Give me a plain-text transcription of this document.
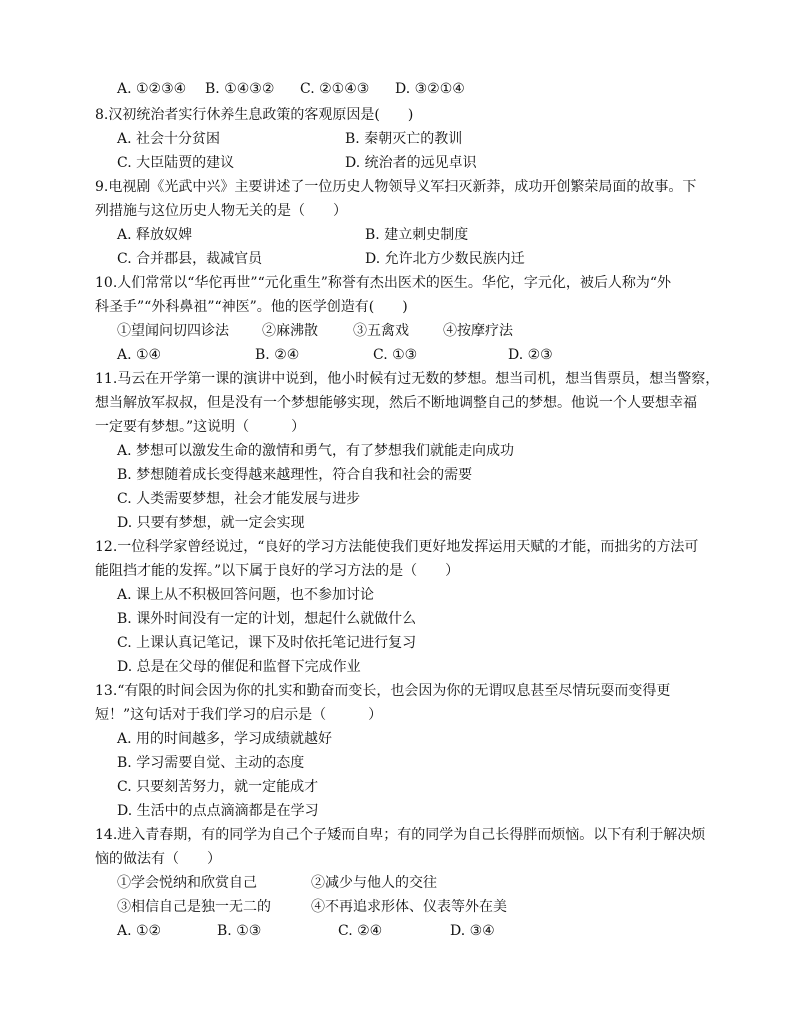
A. ①②③④ B. ①④③② C. ②①④③ D. ③②①④
8.汉初统治者实行休养生息政策的客观原因是(　　)
A. 社会十分贫困	B. 秦朝灭亡的教训
C. 大臣陆贾的建议	D. 统治者的远见卓识
9.电视剧《光武中兴》主要讲述了一位历史人物领导义军扫灭新莽，成功开创繁荣局面的故事。下
列措施与这位历史人物无关的是（　　）
A. 释放奴婢	B. 建立刺史制度
C. 合并郡县，裁减官员	D. 允许北方少数民族内迁
10.人们常常以“华佗再世”“元化重生”称誉有杰出医术的医生。华佗，字元化，被后人称为“外
科圣手”“外科鼻祖”“神医”。他的医学创造有(　　)
①望闻问切四诊法 ②麻沸散	③五禽戏 ④按摩疗法
A. ①④	B. ②④	C. ①③	D. ②③
11.马云在开学第一课的演讲中说到，他小时候有过无数的梦想。想当司机，想当售票员，想当警察，
想当解放军叔叔，但是没有一个梦想能够实现，然后不断地调整自己的梦想。他说一个人要想幸福
一定要有梦想。”这说明（　　　）
A. 梦想可以激发生命的激情和勇气，有了梦想我们就能走向成功
B. 梦想随着成长变得越来越理性，符合自我和社会的需要
C. 人类需要梦想，社会才能发展与进步
D. 只要有梦想，就一定会实现
12.一位科学家曾经说过，“良好的学习方法能使我们更好地发挥运用天赋的才能，而拙劣的方法可
能阻挡才能的发挥。”以下属于良好的学习方法的是（　　）
A. 课上从不积极回答问题，也不参加讨论
B. 课外时间没有一定的计划，想起什么就做什么
C. 上课认真记笔记，课下及时依托笔记进行复习
D. 总是在父母的催促和监督下完成作业
13.“有限的时间会因为你的扎实和勤奋而变长，也会因为你的无谓叹息甚至尽情玩耍而变得更
短！”这句话对于我们学习的启示是（　　　）
A. 用的时间越多，学习成绩就越好
B. 学习需要自觉、主动的态度
C. 只要刻苦努力，就一定能成才
D. 生活中的点点滴滴都是在学习
14.进入青春期，有的同学为自己个子矮而自卑；有的同学为自己长得胖而烦恼。以下有利于解决烦
恼的做法有（　　）
①学会悦纳和欣赏自己	②减少与他人的交往
③相信自己是独一无二的	④不再追求形体、仪表等外在美
A. ①②	B. ①③	C. ②④	D. ③④
